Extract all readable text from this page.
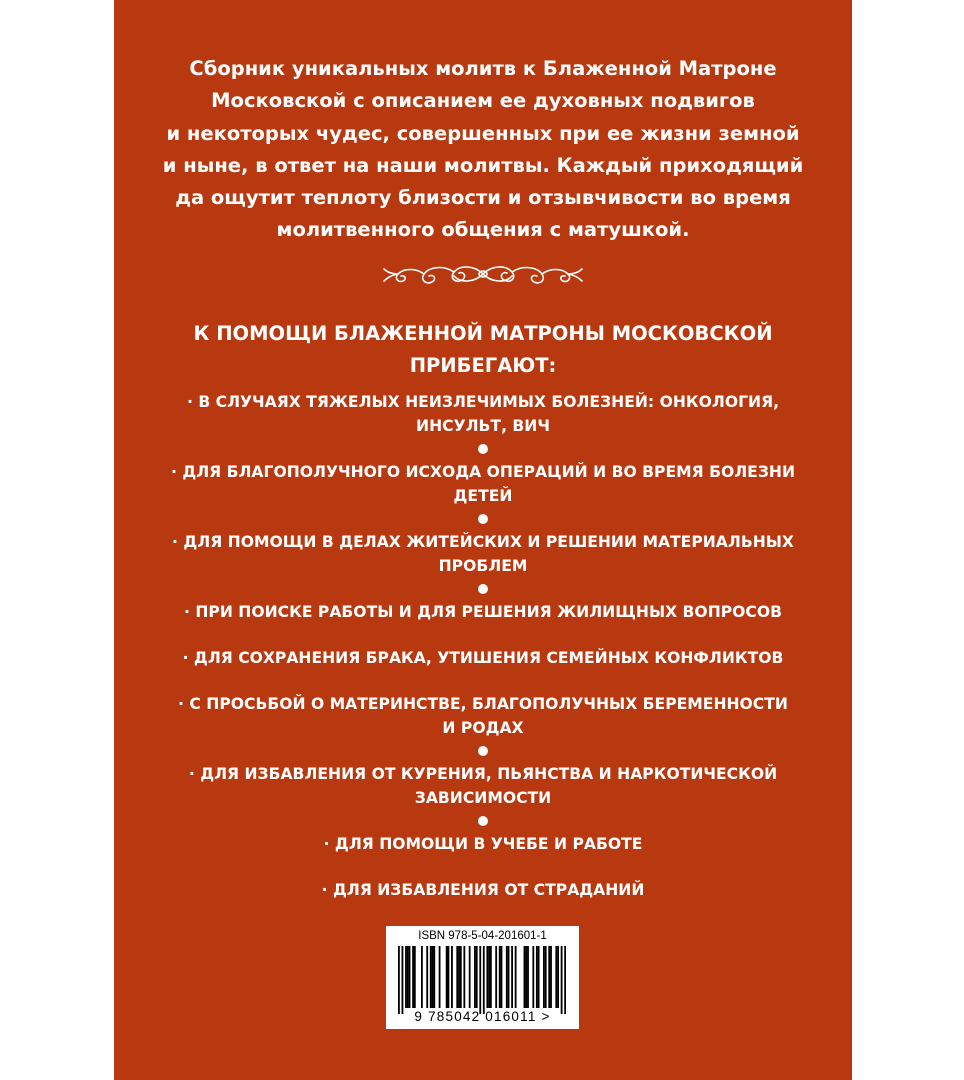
Сборник уникальных молитв к Блаженной Матроне
Московской с описанием ее духовных подвигов
и некоторых чудес, совершенных при ее жизни земной
и ныне, в ответ на наши молитвы. Каждый приходящий
да ощутит теплоту близости и отзывчивости во время
молитвенного общения с матушкой.
К ПОМОЩИ БЛАЖЕННОЙ МАТРОНЫ МОСКОВСКОЙ
ПРИБЕГАЮТ:
· В СЛУЧАЯХ ТЯЖЕЛЫХ НЕИЗЛЕЧИМЫХ БОЛЕЗНЕЙ: ОНКОЛОГИЯ,
ИНСУЛЬТ, ВИЧ
· ДЛЯ БЛАГОПОЛУЧНОГО ИСХОДА ОПЕРАЦИЙ И ВО ВРЕМЯ БОЛЕЗНИ
ДЕТЕЙ
· ДЛЯ ПОМОЩИ В ДЕЛАХ ЖИТЕЙСКИХ И РЕШЕНИИ МАТЕРИАЛЬНЫХ
ПРОБЛЕМ
· ПРИ ПОИСКЕ РАБОТЫ И ДЛЯ РЕШЕНИЯ ЖИЛИЩНЫХ ВОПРОСОВ
· ДЛЯ СОХРАНЕНИЯ БРАКА, УТИШЕНИЯ СЕМЕЙНЫХ КОНФЛИКТОВ
· С ПРОСЬБОЙ О МАТЕРИНСТВЕ, БЛАГОПОЛУЧНЫХ БЕРЕМЕННОСТИ
И РОДАХ
· ДЛЯ ИЗБАВЛЕНИЯ ОТ КУРЕНИЯ, ПЬЯНСТВА И НАРКОТИЧЕСКОЙ
ЗАВИСИМОСТИ
· ДЛЯ ПОМОЩИ В УЧЕБЕ И РАБОТЕ
· ДЛЯ ИЗБАВЛЕНИЯ ОТ СТРАДАНИЙ
ISBN 978-5-04-201601-1
9 785042 016011 >
